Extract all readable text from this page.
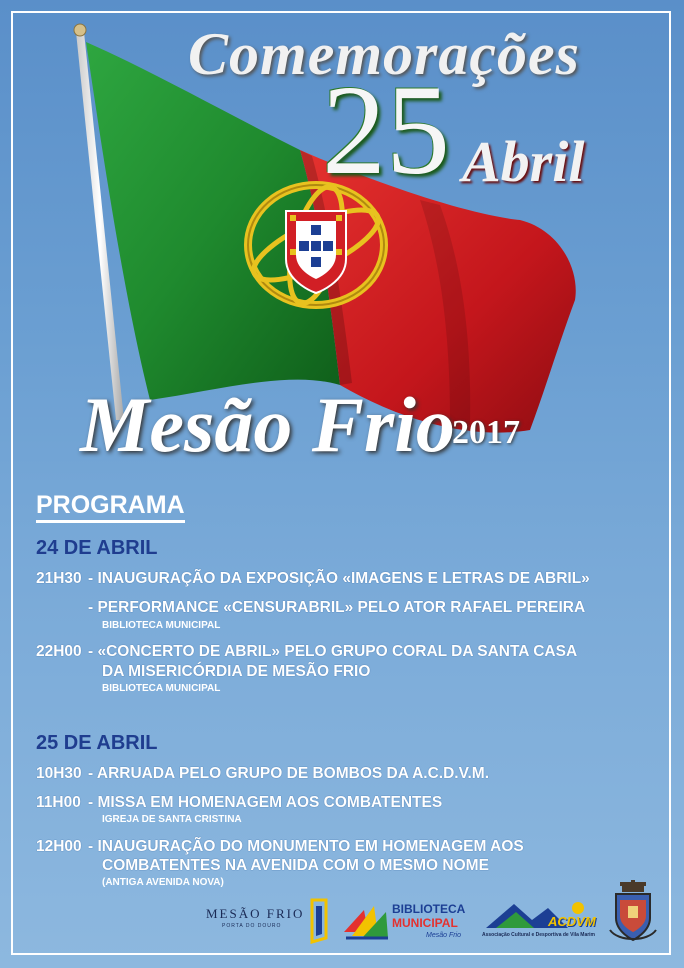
Comemorações
25 Abril
Mesão Frio
2017
PROGRAMA
24 DE ABRIL
21H30 - INAUGURAÇÃO DA EXPOSIÇÃO «IMAGENS E LETRAS DE ABRIL»
- PERFORMANCE «CENSURABRIL» PELO ATOR RAFAEL PEREIRA
BIBLIOTECA MUNICIPAL
22H00 - «CONCERTO DE ABRIL» PELO GRUPO CORAL DA SANTA CASA
DA MISERICÓRDIA DE MESÃO FRIO
BIBLIOTECA MUNICIPAL
25 DE ABRIL
10H30 - ARRUADA PELO GRUPO DE BOMBOS DA A.C.D.V.M.
11H00 - MISSA EM HOMENAGEM AOS COMBATENTES
IGREJA DE SANTA CRISTINA
12H00 - INAUGURAÇÃO DO MONUMENTO EM HOMENAGEM AOS
COMBATENTES NA AVENIDA COM O MESMO NOME
(ANTIGA AVENIDA NOVA)
MESÃO FRIO
PORTA DO DOURO
BIBLIOTECA
MUNICIPAL
Mesão Frio
ACDVM
Associação Cultural e Desportiva de Vila Marim
